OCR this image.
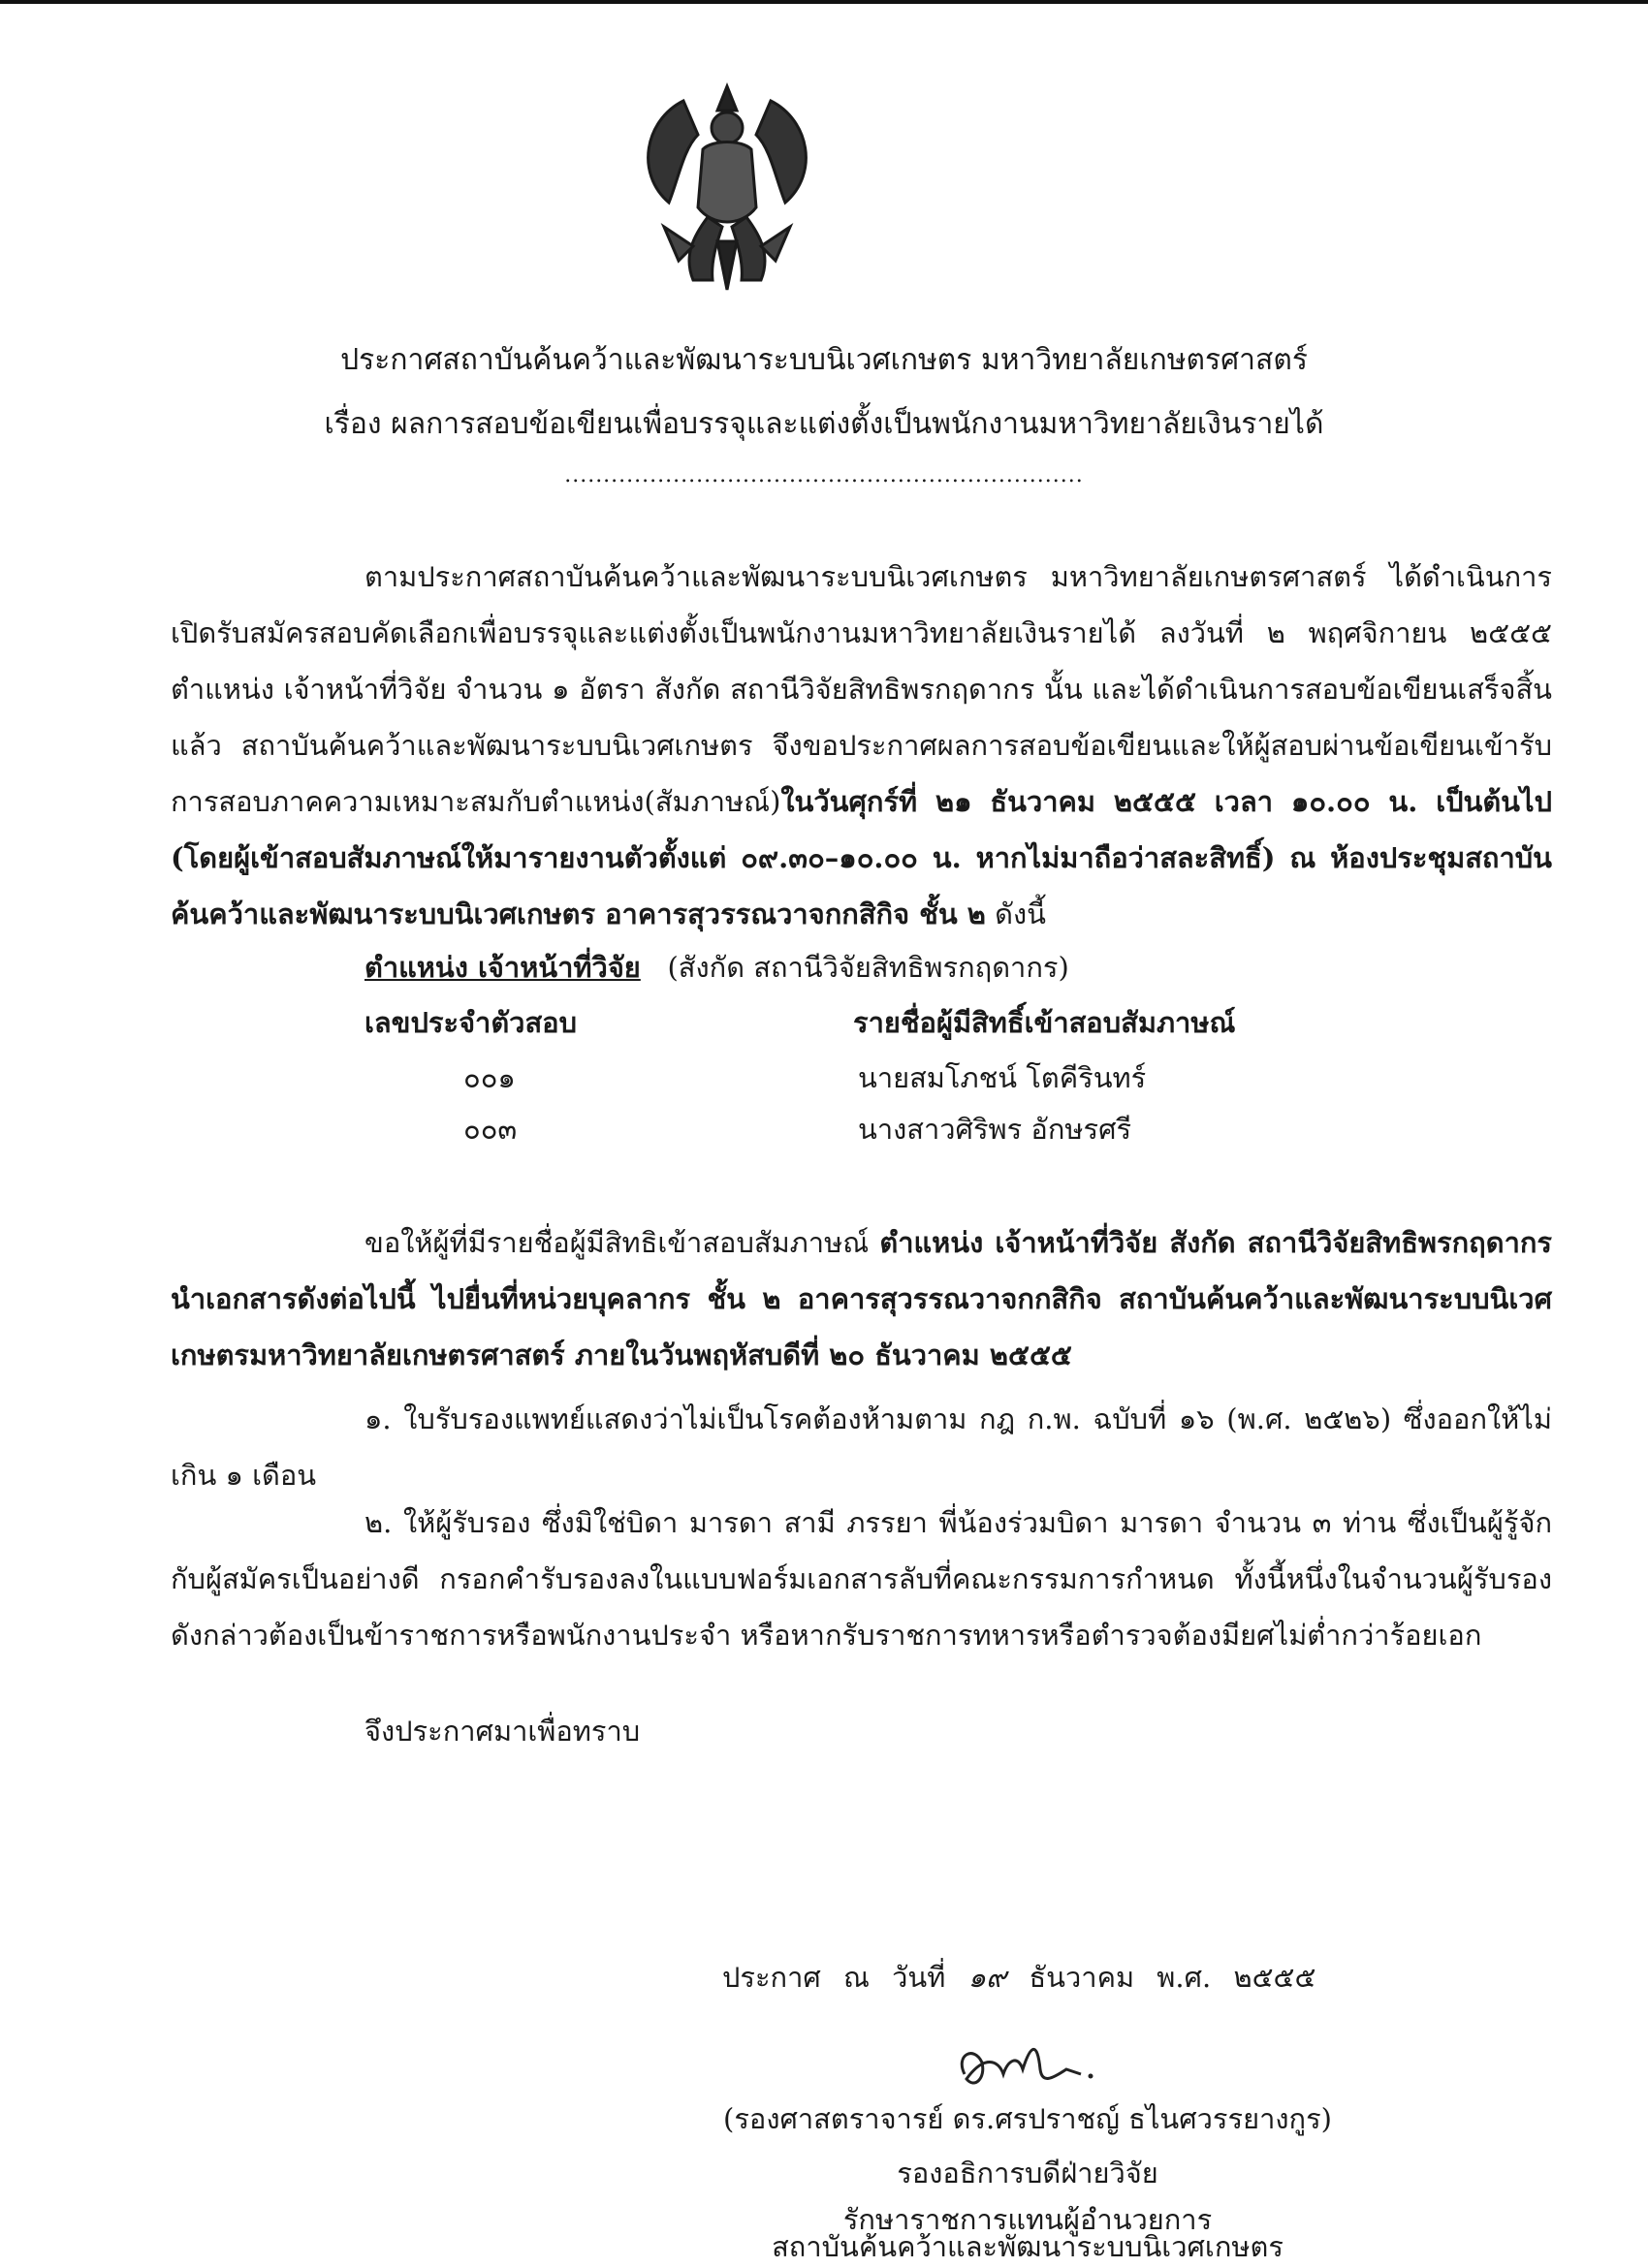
ประกาศสถาบันค้นคว้าและพัฒนาระบบนิเวศเกษตร มหาวิทยาลัยเกษตรศาสตร์
เรื่อง ผลการสอบข้อเขียนเพื่อบรรจุและแต่งตั้งเป็นพนักงานมหาวิทยาลัยเงินรายได้
...................................................................
ตามประกาศสถาบันค้นคว้าและพัฒนาระบบนิเวศเกษตร มหาวิทยาลัยเกษตรศาสตร์ ได้ดำเนินการเปิดรับสมัครสอบคัดเลือกเพื่อบรรจุและแต่งตั้งเป็นพนักงานมหาวิทยาลัยเงินรายได้ ลงวันที่ ๒ พฤศจิกายน ๒๕๕๕ ตำแหน่ง เจ้าหน้าที่วิจัย จำนวน ๑ อัตรา สังกัด สถานีวิจัยสิทธิพรกฤดากร นั้น และได้ดำเนินการสอบข้อเขียนเสร็จสิ้นแล้ว สถาบันค้นคว้าและพัฒนาระบบนิเวศเกษตร จึงขอประกาศผลการสอบข้อเขียนและให้ผู้สอบผ่านข้อเขียนเข้ารับการสอบภาคความเหมาะสมกับตำแหน่ง(สัมภาษณ์)ในวันศุกร์ที่ ๒๑ ธันวาคม ๒๕๕๕ เวลา ๑๐.๐๐ น. เป็นต้นไป (โดยผู้เข้าสอบสัมภาษณ์ให้มารายงานตัวตั้งแต่ ๐๙.๓๐–๑๐.๐๐ น. หากไม่มาถือว่าสละสิทธิ์) ณ ห้องประชุมสถาบันค้นคว้าและพัฒนาระบบนิเวศเกษตร อาคารสุวรรณวาจกกสิกิจ ชั้น ๒ ดังนี้
ตำแหน่ง เจ้าหน้าที่วิจัย (สังกัด สถานีวิจัยสิทธิพรกฤดากร)
เลขประจำตัวสอบ	รายชื่อผู้มีสิทธิ์เข้าสอบสัมภาษณ์
๐๐๑	นายสมโภชน์ โตคีรินทร์
๐๐๓	นางสาวศิริพร อักษรศรี
ขอให้ผู้ที่มีรายชื่อผู้มีสิทธิเข้าสอบสัมภาษณ์ ตำแหน่ง เจ้าหน้าที่วิจัย สังกัด สถานีวิจัยสิทธิพรกฤดากร นำเอกสารดังต่อไปนี้ ไปยื่นที่หน่วยบุคลากร ชั้น ๒ อาคารสุวรรณวาจกกสิกิจ สถาบันค้นคว้าและพัฒนาระบบนิเวศเกษตรมหาวิทยาลัยเกษตรศาสตร์ ภายในวันพฤหัสบดีที่ ๒๐ ธันวาคม ๒๕๕๕
๑. ใบรับรองแพทย์แสดงว่าไม่เป็นโรคต้องห้ามตาม กฎ ก.พ. ฉบับที่ ๑๖ (พ.ศ. ๒๕๒๖) ซึ่งออกให้ไม่เกิน ๑ เดือน
๒. ให้ผู้รับรอง ซึ่งมิใช่บิดา มารดา สามี ภรรยา พี่น้องร่วมบิดา มารดา จำนวน ๓ ท่าน ซึ่งเป็นผู้รู้จักกับผู้สมัครเป็นอย่างดี กรอกคำรับรองลงในแบบฟอร์มเอกสารลับที่คณะกรรมการกำหนด ทั้งนี้หนึ่งในจำนวนผู้รับรองดังกล่าวต้องเป็นข้าราชการหรือพนักงานประจำ หรือหากรับราชการทหารหรือตำรวจต้องมียศไม่ต่ำกว่าร้อยเอก
จึงประกาศมาเพื่อทราบ
ประกาศ ณ วันที่ ๑๙ ธันวาคม พ.ศ. ๒๕๕๕
(รองศาสตราจารย์ ดร.ศรปราชญ์ ธไนศวรรยางกูร)
รองอธิการบดีฝ่ายวิจัย
รักษาราชการแทนผู้อำนวยการ
สถาบันค้นคว้าและพัฒนาระบบนิเวศเกษตร
